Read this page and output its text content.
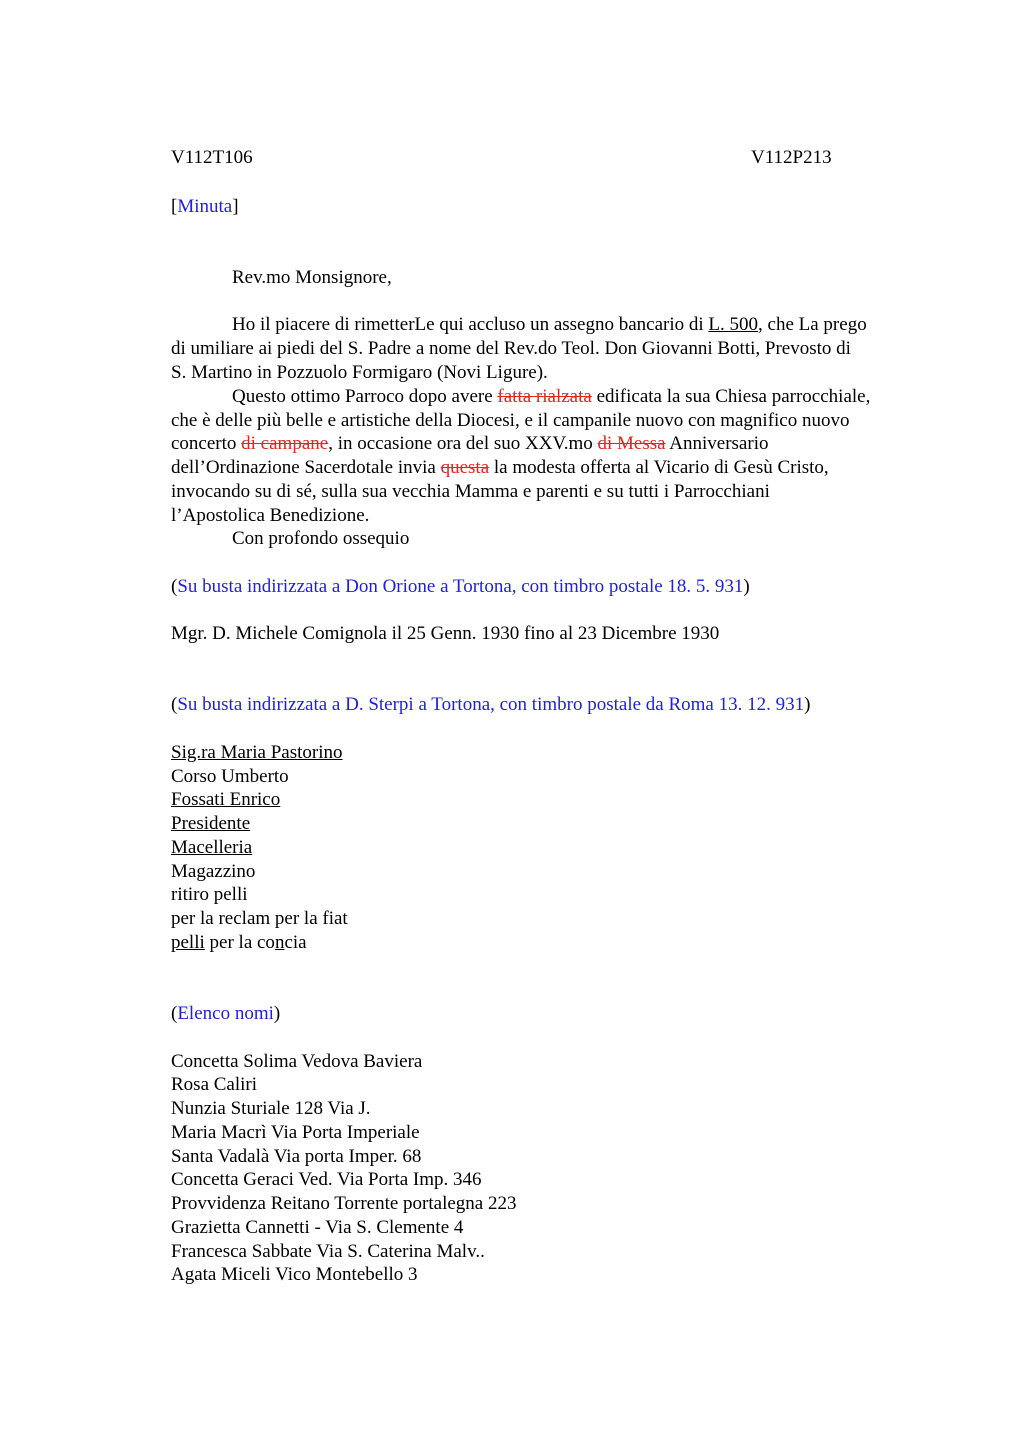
V112T106	V112P213
[Minuta]
Rev.mo Monsignore,
Ho il piacere di rimetterLe qui accluso un assegno bancario di L. 500, che La prego
di umiliare ai piedi del S. Padre a nome del Rev.do Teol. Don Giovanni Botti, Prevosto di
S. Martino in Pozzuolo Formigaro (Novi Ligure).
Questo ottimo Parroco dopo avere fatta rialzata edificata la sua Chiesa parrocchiale,
che è delle più belle e artistiche della Diocesi, e il campanile nuovo con magnifico nuovo
concerto di campane, in occasione ora del suo XXV.mo di Messa Anniversario
dell’Ordinazione Sacerdotale invia questa la modesta offerta al Vicario di Gesù Cristo,
invocando su di sé, sulla sua vecchia Mamma e parenti e su tutti i Parrocchiani
l’Apostolica Benedizione.
Con profondo ossequio
(Su busta indirizzata a Don Orione a Tortona, con timbro postale 18. 5. 931)
Mgr. D. Michele Comignola il 25 Genn. 1930 fino al 23 Dicembre 1930
(Su busta indirizzata a D. Sterpi a Tortona, con timbro postale da Roma 13. 12. 931)
Sig.ra Maria Pastorino
Corso Umberto
Fossati Enrico
Presidente
Macelleria
Magazzino
ritiro pelli
per la reclam per la fiat
pelli per la concia
(Elenco nomi)
Concetta Solima Vedova Baviera
Rosa Caliri
Nunzia Sturiale 128 Via J.
Maria Macrì Via Porta Imperiale
Santa Vadalà Via porta Imper. 68
Concetta Geraci Ved. Via Porta Imp. 346
Provvidenza Reitano Torrente portalegna 223
Grazietta Cannetti - Via S. Clemente 4
Francesca Sabbate Via S. Caterina Malv..
Agata Miceli Vico Montebello 3
